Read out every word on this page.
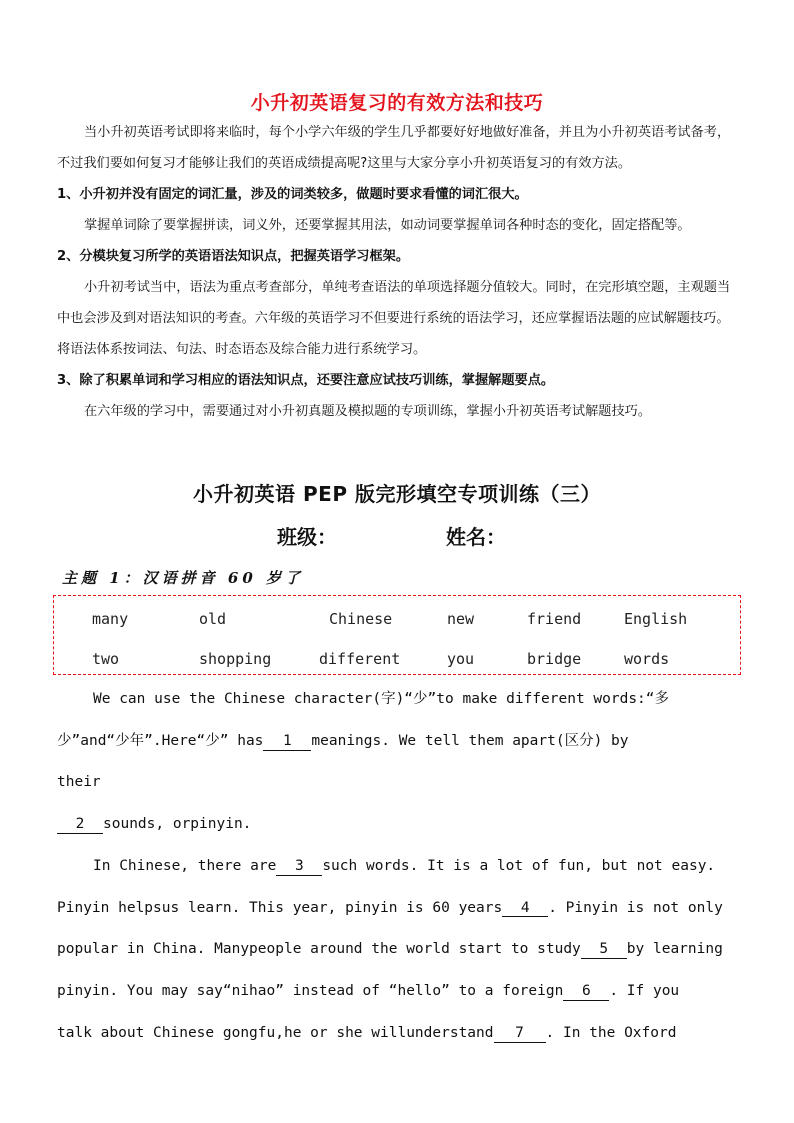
小升初英语复习的有效方法和技巧

当小升初英语考试即将来临时，每个小学六年级的学生几乎都要好好地做好准备，并且为小升初英语考试备考，不过我们要如何复习才能够让我们的英语成绩提高呢?这里与大家分享小升初英语复习的有效方法。

1、小升初并没有固定的词汇量，涉及的词类较多，做题时要求看懂的词汇很大。

掌握单词除了要掌握拼读，词义外，还要掌握其用法，如动词要掌握单词各种时态的变化，固定搭配等。

2、分模块复习所学的英语语法知识点，把握英语学习框架。

小升初考试当中，语法为重点考查部分，单纯考查语法的单项选择题分值较大。同时，在完形填空题，主观题当中也会涉及到对语法知识的考查。六年级的英语学习不但要进行系统的语法学习，还应掌握语法题的应试解题技巧。将语法体系按词法、句法、时态语态及综合能力进行系统学习。

3、除了积累单词和学习相应的语法知识点，还要注意应试技巧训练，掌握解题要点。

在六年级的学习中，需要通过对小升初真题及模拟题的专项训练，掌握小升初英语考试解题技巧。

小升初英语 PEP 版完形填空专项训练（三）
班级：	姓名：
主题 1：汉语拼音 60 岁了
many	old	Chinese	new	friend	English
two	shopping	different	you	bridge	words

We can use the Chinese character(字)“少”to make different words:“多

少”and“少年”.Here“少” has 1 meanings. We tell them apart(区分) by

their

2 sounds, orpinyin.

In Chinese, there are 3 such words. It is a lot of fun, but not easy.

Pinyin helpsus learn. This year, pinyin is 60 years 4 . Pinyin is not only

popular in China. Manypeople around the world start to study 5 by learning

pinyin. You may say“nihao” instead of “hello” to a foreign 6 . If you

talk about Chinese gongfu,he or she willunderstand 7 . In the Oxford
